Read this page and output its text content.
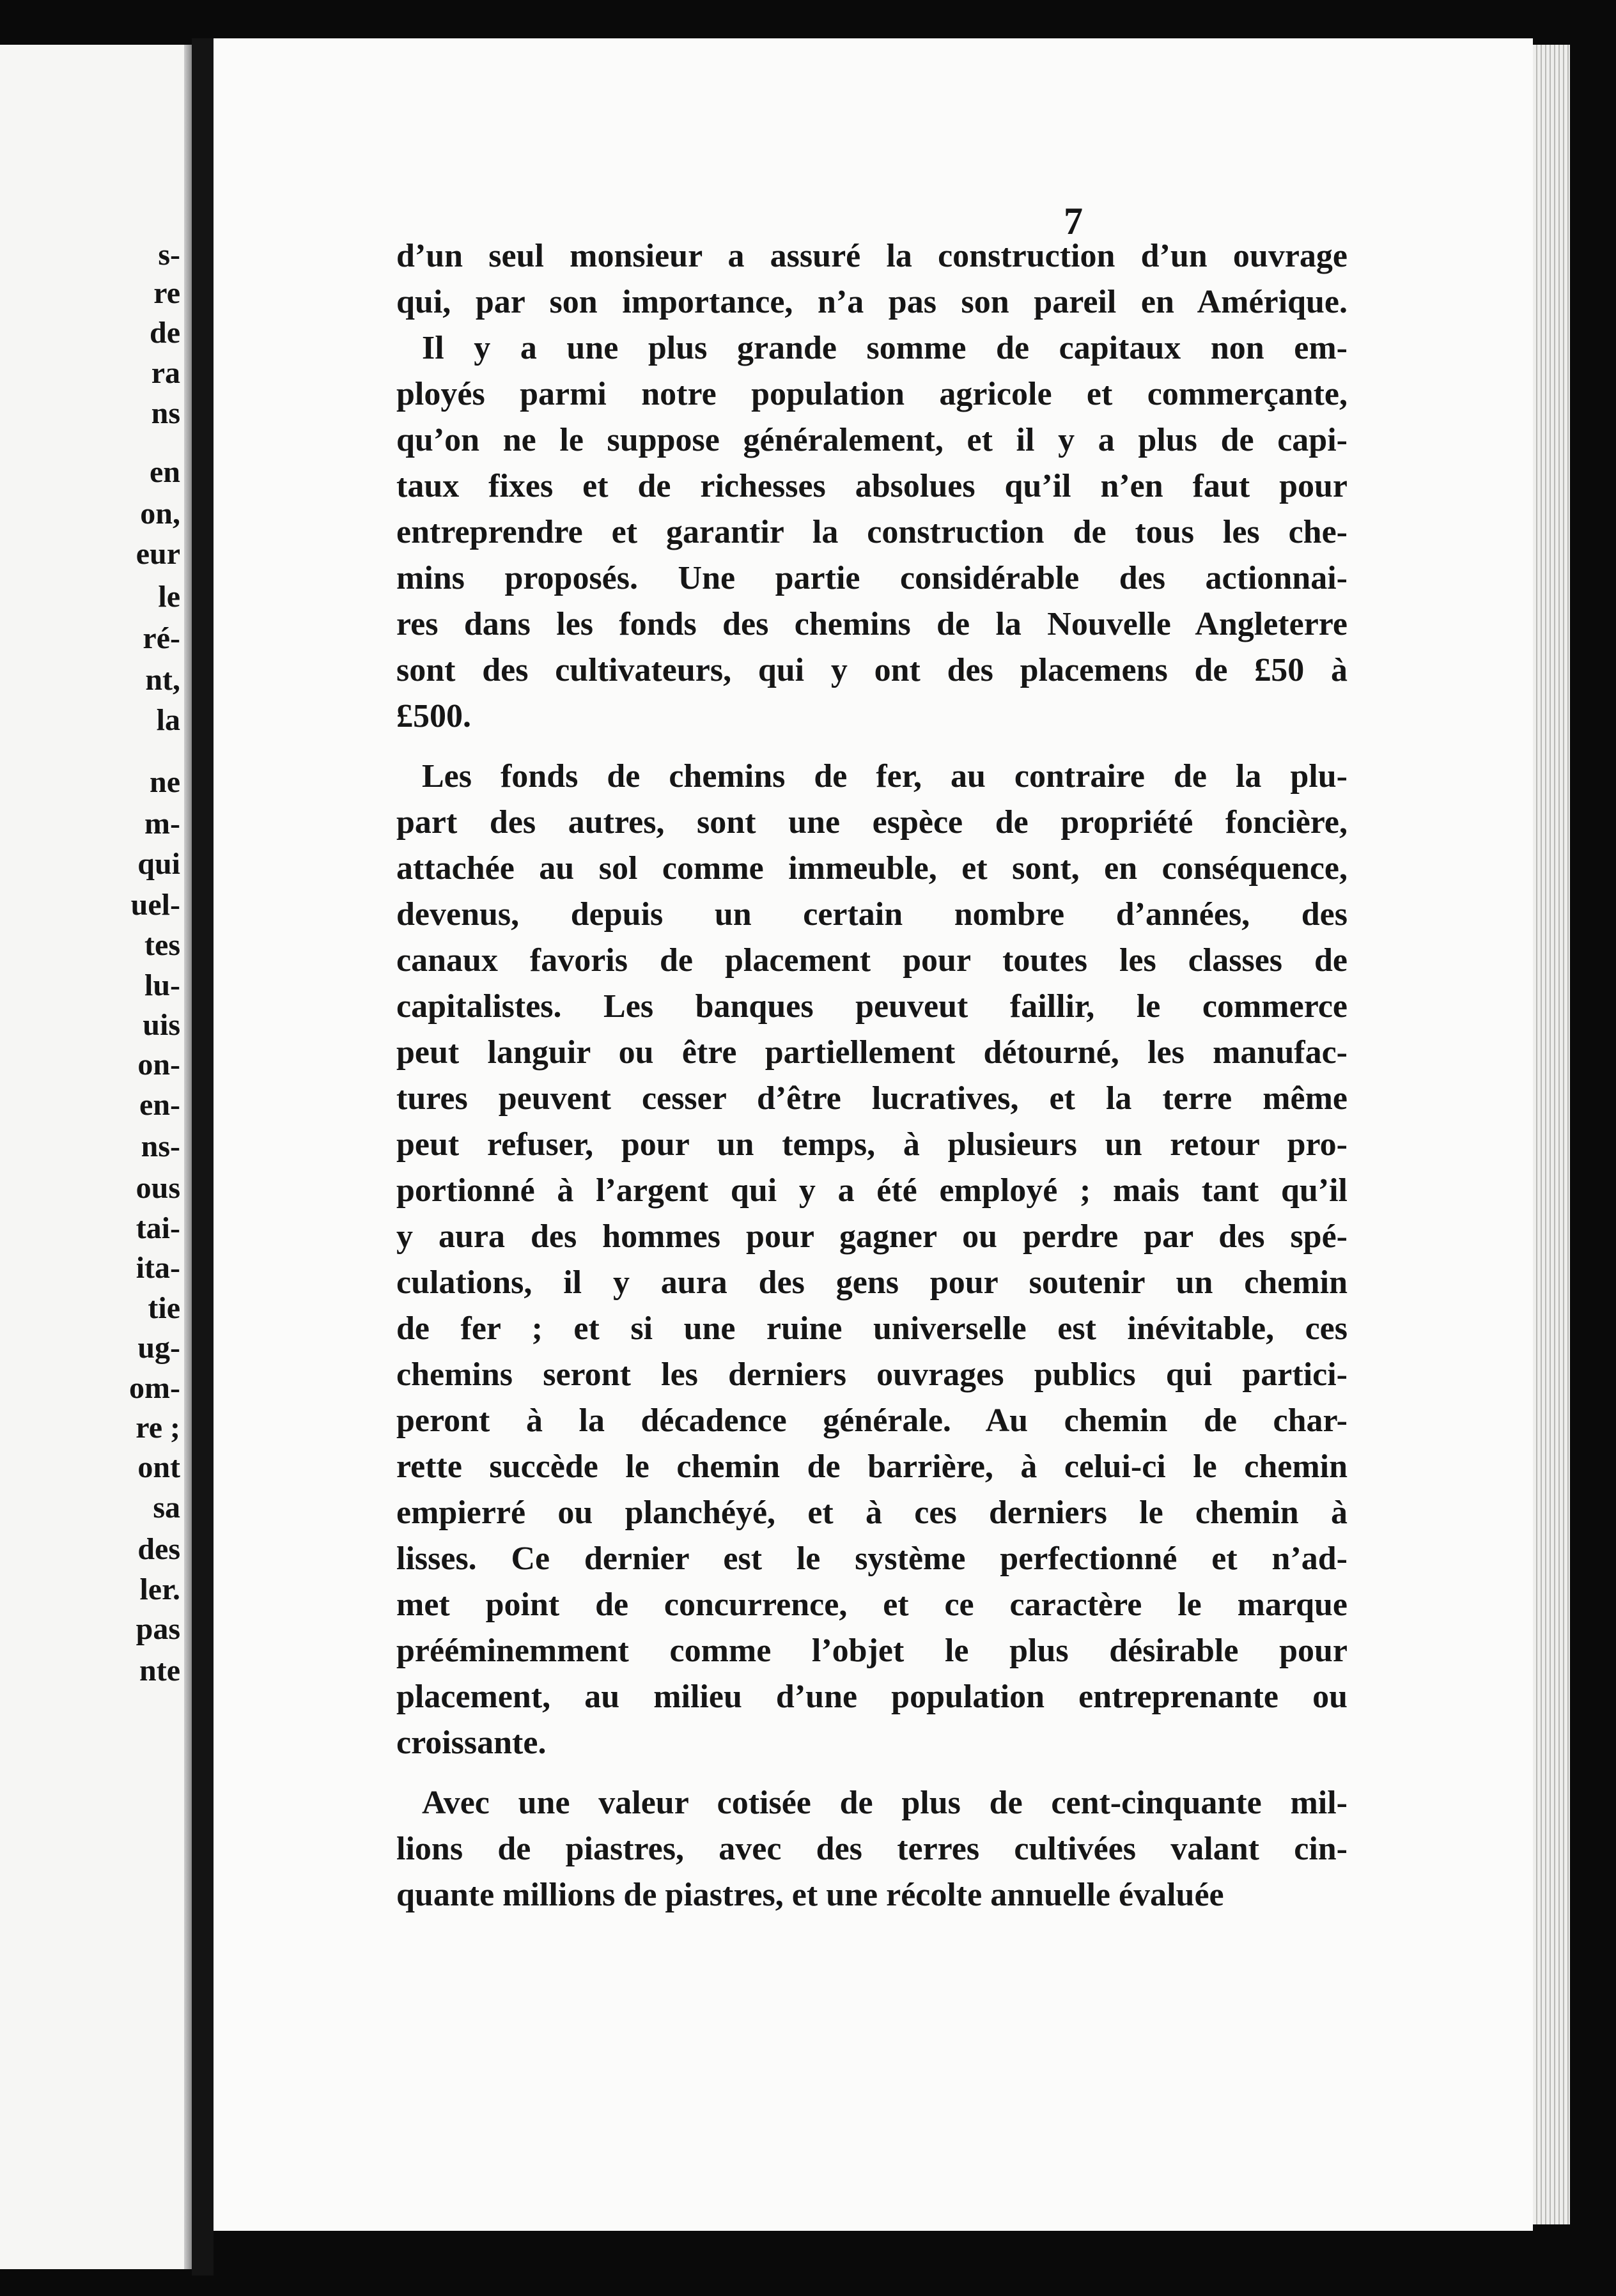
s-

re

de

ra

ns

en

on,

eur

le

ré-

nt,

la

ne

m-

qui

uel-

tes

lu-

uis

on-

en-

ns-

ous

tai-

ita-

tie

ug-

om-

re ;

ont

sa

des

ler.

pas

nte

7

d’un seul monsieur a assuré la construction d’un ouvrage

qui, par son importance, n’a pas son pareil en Amérique.

Il y a une plus grande somme de capitaux non em-

ployés parmi notre population agricole et commerçante,

qu’on ne le suppose généralement, et il y a plus de capi-

taux fixes et de richesses absolues qu’il n’en faut pour

entreprendre et garantir la construction de tous les che-

mins proposés. Une partie considérable des actionnai-

res dans les fonds des chemins de la Nouvelle Angleterre

sont des cultivateurs, qui y ont des placemens de £50 à

£500.

Les fonds de chemins de fer, au contraire de la plu-

part des autres, sont une espèce de propriété foncière,

attachée au sol comme immeuble, et sont, en conséquence,

devenus, depuis un certain nombre d’années, des

canaux favoris de placement pour toutes les classes de

capitalistes. Les banques peuveut faillir, le commerce

peut languir ou être partiellement détourné, les manufac-

tures peuvent cesser d’être lucratives, et la terre même

peut refuser, pour un temps, à plusieurs un retour pro-

portionné à l’argent qui y a été employé ; mais tant qu’il

y aura des hommes pour gagner ou perdre par des spé-

culations, il y aura des gens pour soutenir un chemin

de fer ; et si une ruine universelle est inévitable, ces

chemins seront les derniers ouvrages publics qui partici-

peront à la décadence générale. Au chemin de char-

rette succède le chemin de barrière, à celui-ci le chemin

empierré ou planchéyé, et à ces derniers le chemin à

lisses. Ce dernier est le système perfectionné et n’ad-

met point de concurrence, et ce caractère le marque

prééminemment comme l’objet le plus désirable pour

placement, au milieu d’une population entreprenante ou

croissante.

Avec une valeur cotisée de plus de cent-cinquante mil-

lions de piastres, avec des terres cultivées valant cin-

quante millions de piastres, et une récolte annuelle évaluée
